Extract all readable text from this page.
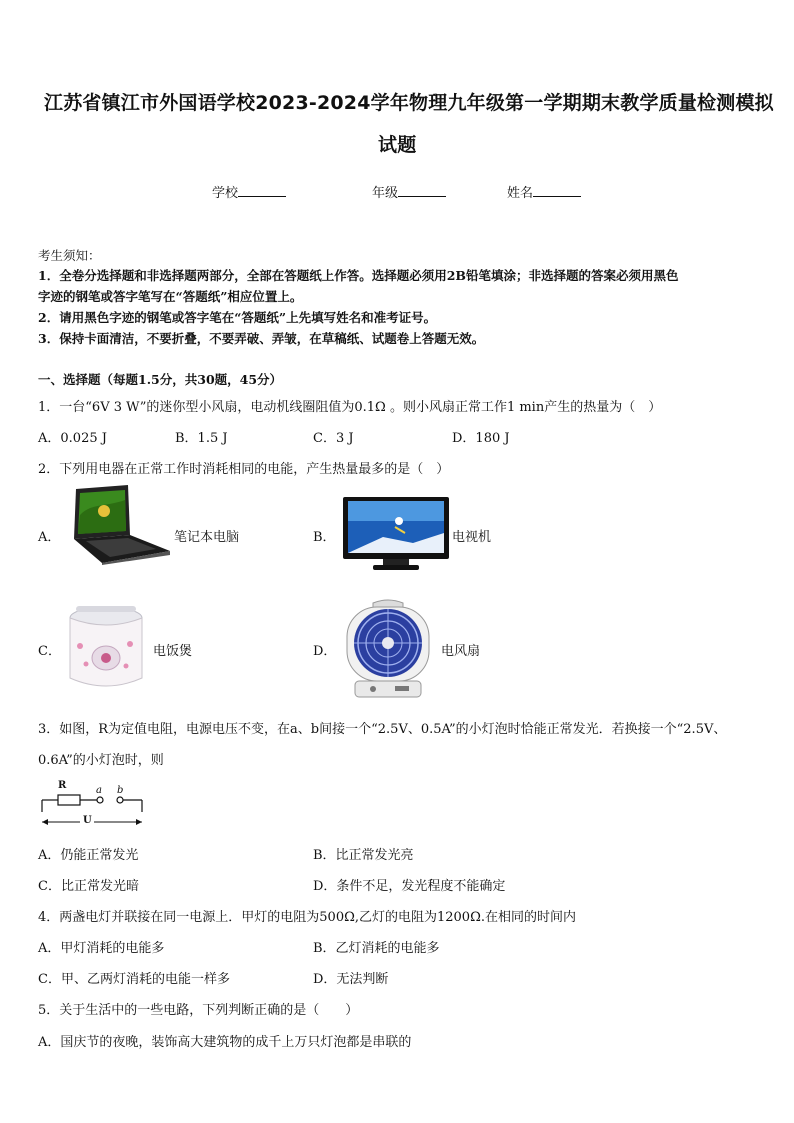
江苏省镇江市外国语学校2023-2024学年物理九年级第一学期期末教学质量检测模拟
试题
学校	年级	姓名
考生须知：
1．全卷分选择题和非选择题两部分，全部在答题纸上作答。选择题必须用2B铅笔填涂；非选择题的答案必须用黑色
字迹的钢笔或答字笔写在“答题纸”相应位置上。
2．请用黑色字迹的钢笔或答字笔在“答题纸”上先填写姓名和准考证号。
3．保持卡面清洁，不要折叠，不要弄破、弄皱，在草稿纸、试题卷上答题无效。
一、选择题（每题1.5分，共30题，45分）
1．一台“6V 3 W”的迷你型小风扇，电动机线圈阻值为0.1Ω 。则小风扇正常工作1 min产生的热量为（　）
A．0.025 J	B．1.5 J	C．3 J	D．180 J
2．下列用电器在正常工作时消耗相同的电能，产生热量最多的是（　）
A．	笔记本电脑	B．	电视机
C．	电饭煲	D．	电风扇
3．如图，R为定值电阻，电源电压不变，在a、b间接一个“2.5V、0.5A”的小灯泡时恰能正常发光．若换接一个“2.5V、
0.6A”的小灯泡时，则
R	a b
U
A．仍能正常发光	B．比正常发光亮
C．比正常发光暗	D．条件不足，发光程度不能确定
4．两盏电灯并联接在同一电源上．甲灯的电阻为500Ω,乙灯的电阻为1200Ω.在相同的时间内
A．甲灯消耗的电能多	B．乙灯消耗的电能多
C．甲、乙两灯消耗的电能一样多	D．无法判断
5．关于生活中的一些电路，下列判断正确的是（　　）
A．国庆节的夜晚，装饰高大建筑物的成千上万只灯泡都是串联的
